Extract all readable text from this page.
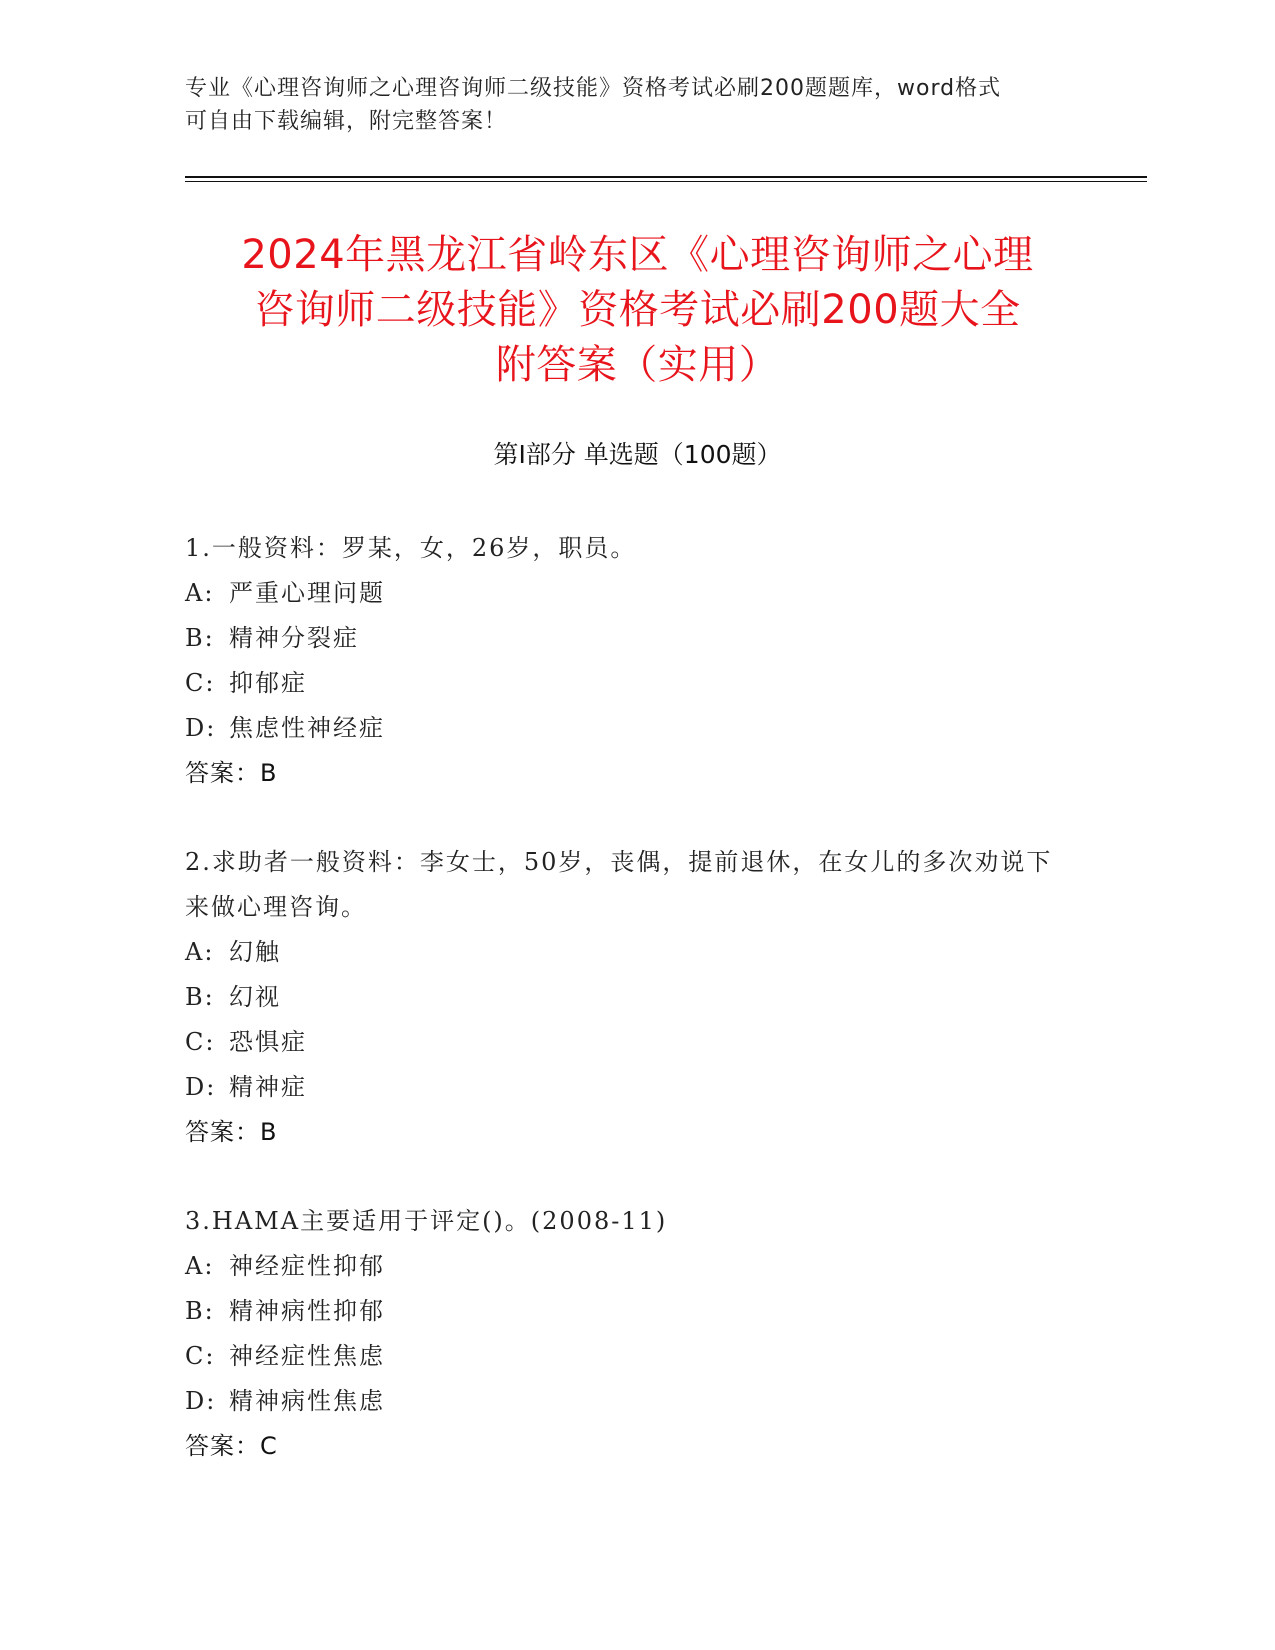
专业《心理咨询师之心理咨询师二级技能》资格考试必刷200题题库，word格式
可自由下载编辑，附完整答案！
2024年黑龙江省岭东区《心理咨询师之心理
咨询师二级技能》资格考试必刷200题大全
附答案（实用）
第Ⅰ部分 单选题（100题）
1.一般资料：罗某，女，26岁，职员。
A: 严重心理问题
B: 精神分裂症
C: 抑郁症
D: 焦虑性神经症
答案：B
2.求助者一般资料：李女士，50岁，丧偶，提前退休，在女儿的多次劝说下来做心理咨询。
A: 幻触
B: 幻视
C: 恐惧症
D: 精神症
答案：B
3.HAMA主要适用于评定()。(2008-11)
A: 神经症性抑郁
B: 精神病性抑郁
C: 神经症性焦虑
D: 精神病性焦虑
答案：C
